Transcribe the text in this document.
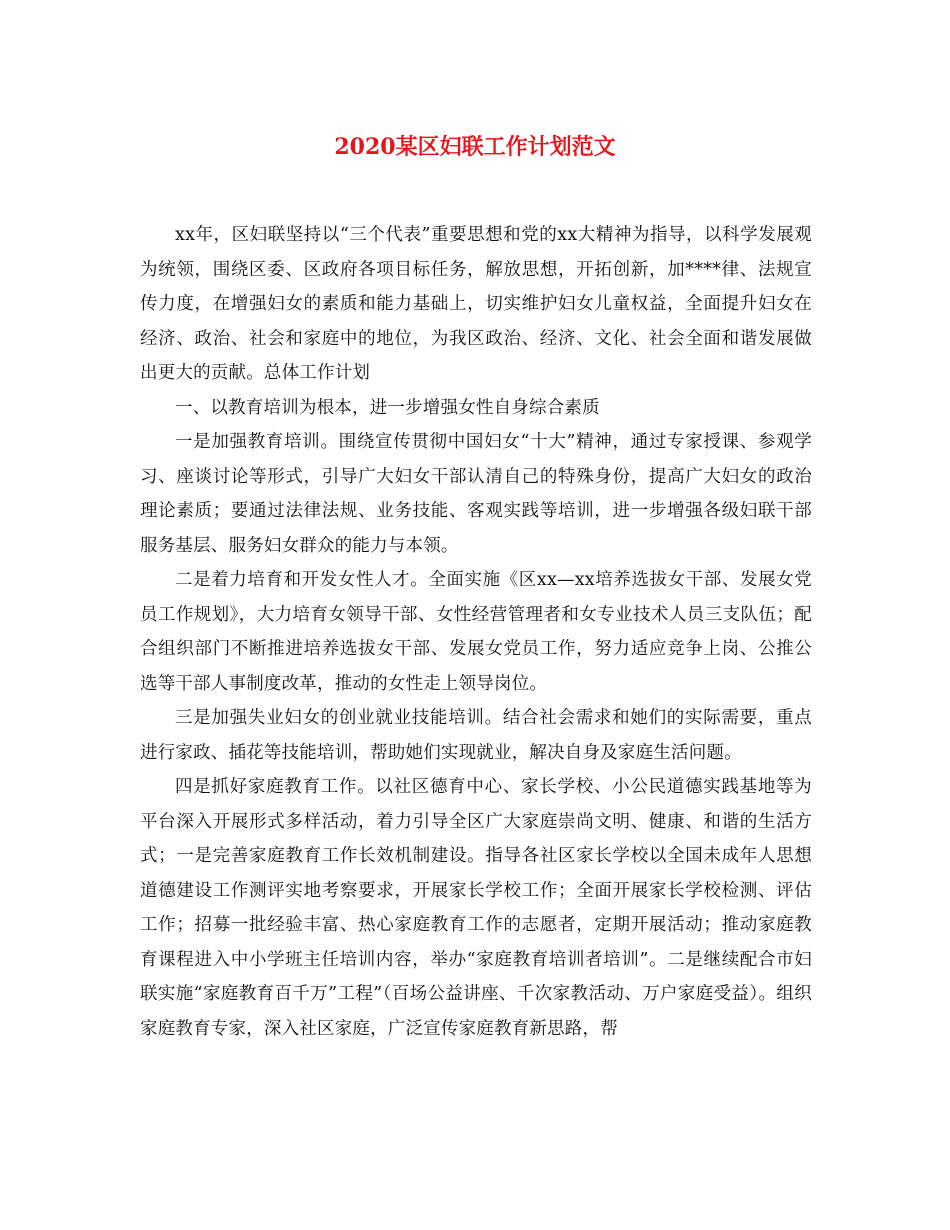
2020某区妇联工作计划范文

xx年，区妇联坚持以“三个代表”重要思想和党的xx大精神为指导，以科学发展观为统领，围绕区委、区政府各项目标任务，解放思想，开拓创新，加****律、法规宣传力度，在增强妇女的素质和能力基础上，切实维护妇女儿童权益，全面提升妇女在经济、政治、社会和家庭中的地位，为我区政治、经济、文化、社会全面和谐发展做出更大的贡献。总体工作计划

一、以教育培训为根本，进一步增强女性自身综合素质

一是加强教育培训。围绕宣传贯彻中国妇女“十大”精神，通过专家授课、参观学习、座谈讨论等形式，引导广大妇女干部认清自己的特殊身份，提高广大妇女的政治理论素质；要通过法律法规、业务技能、客观实践等培训，进一步增强各级妇联干部服务基层、服务妇女群众的能力与本领。

二是着力培育和开发女性人才。全面实施《区xx—xx培养选拔女干部、发展女党员工作规划》，大力培育女领导干部、女性经营管理者和女专业技术人员三支队伍；配合组织部门不断推进培养选拔女干部、发展女党员工作，努力适应竞争上岗、公推公选等干部人事制度改革，推动的女性走上领导岗位。

三是加强失业妇女的创业就业技能培训。结合社会需求和她们的实际需要，重点进行家政、插花等技能培训，帮助她们实现就业，解决自身及家庭生活问题。

四是抓好家庭教育工作。以社区德育中心、家长学校、小公民道德实践基地等为平台深入开展形式多样活动，着力引导全区广大家庭崇尚文明、健康、和谐的生活方式；一是完善家庭教育工作长效机制建设。指导各社区家长学校以全国未成年人思想道德建设工作测评实地考察要求，开展家长学校工作；全面开展家长学校检测、评估工作；招募一批经验丰富、热心家庭教育工作的志愿者，定期开展活动；推动家庭教育课程进入中小学班主任培训内容，举办“家庭教育培训者培训”。二是继续配合市妇联实施“家庭教育百千万”工程”（百场公益讲座、千次家教活动、万户家庭受益）。组织家庭教育专家，深入社区家庭，广泛宣传家庭教育新思路，帮
